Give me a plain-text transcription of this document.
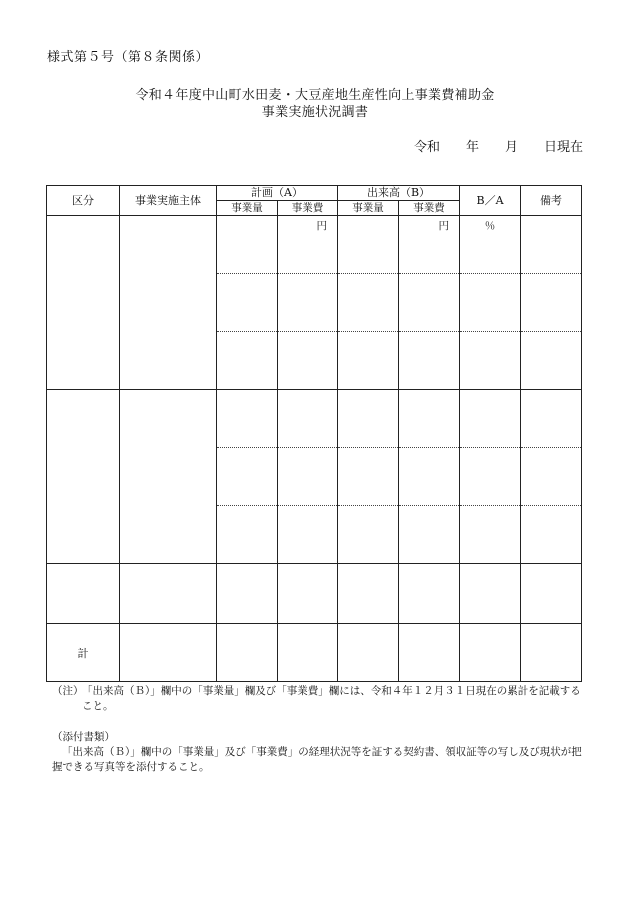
様式第５号（第８条関係）
令和４年度中山町水田麦・大豆産地生産性向上事業費補助金
事業実施状況調書
令和　　年　　月　　日現在
区分	事業実施主体	計画（A）		出来高（B）		B／A	備考
		事業量	事業費	事業量	事業費		
			円		円	％	

計							
（注）
「出来高（Ｂ）」欄中の「事業量」欄及び「事業費」欄には、令和４年１２月３１日現在の累計を記載すること。
（添付書類）
「出来高（Ｂ）」欄中の「事業量」及び「事業費」の経理状況等を証する契約書、領収証等の写し及び現状が把握できる写真等を添付すること。
